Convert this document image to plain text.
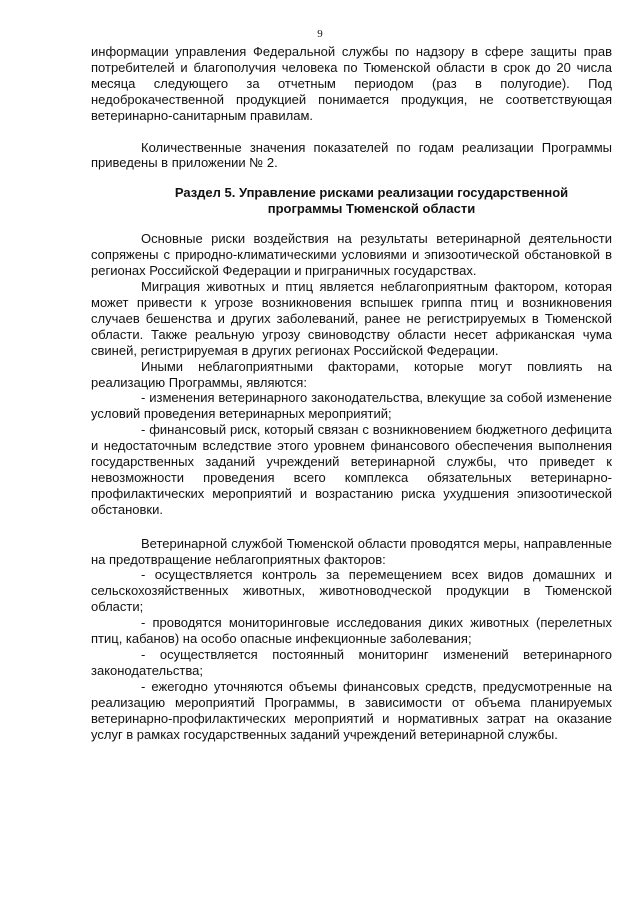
9

информации управления Федеральной службы по надзору в сфере защиты прав потребителей и благополучия человека по Тюменской области в срок до 20 числа месяца следующего за отчетным периодом (раз в полугодие). Под недоброкачественной продукцией понимается продукция, не соответствующая ветеринарно-санитарным правилам.

Количественные значения показателей по годам реализации Программы приведены в приложении № 2.

Раздел 5. Управление рисками реализации государственной
программы Тюменской области

Основные риски воздействия на результаты ветеринарной деятельности сопряжены с природно-климатическими условиями и эпизоотической обстановкой в регионах Российской Федерации и приграничных государствах.

Миграция животных и птиц является неблагоприятным фактором, которая может привести к угрозе возникновения вспышек гриппа птиц и возникновения случаев бешенства и других заболеваний, ранее не регистрируемых в Тюменской области. Также реальную угрозу свиноводству области несет африканская чума свиней, регистрируемая в других регионах Российской Федерации.

Иными неблагоприятными факторами, которые могут повлиять на реализацию Программы, являются:

- изменения ветеринарного законодательства, влекущие за собой изменение условий проведения ветеринарных мероприятий;

- финансовый риск, который связан с возникновением бюджетного дефицита и недостаточным вследствие этого уровнем финансового обеспечения выполнения государственных заданий учреждений ветеринарной службы, что приведет к невозможности проведения всего комплекса обязательных ветеринарно-профилактических мероприятий и возрастанию риска ухудшения эпизоотической обстановки.

Ветеринарной службой Тюменской области проводятся меры, направленные на предотвращение неблагоприятных факторов:

- осуществляется контроль за перемещением всех видов домашних и сельскохозяйственных животных, животноводческой продукции в Тюменской области;

- проводятся мониторинговые исследования диких животных (перелетных птиц, кабанов) на особо опасные инфекционные заболевания;

- осуществляется постоянный мониторинг изменений ветеринарного законодательства;

- ежегодно уточняются объемы финансовых средств, предусмотренные на реализацию мероприятий Программы, в зависимости от объема планируемых ветеринарно-профилактических мероприятий и нормативных затрат на оказание услуг в рамках государственных заданий учреждений ветеринарной службы.
